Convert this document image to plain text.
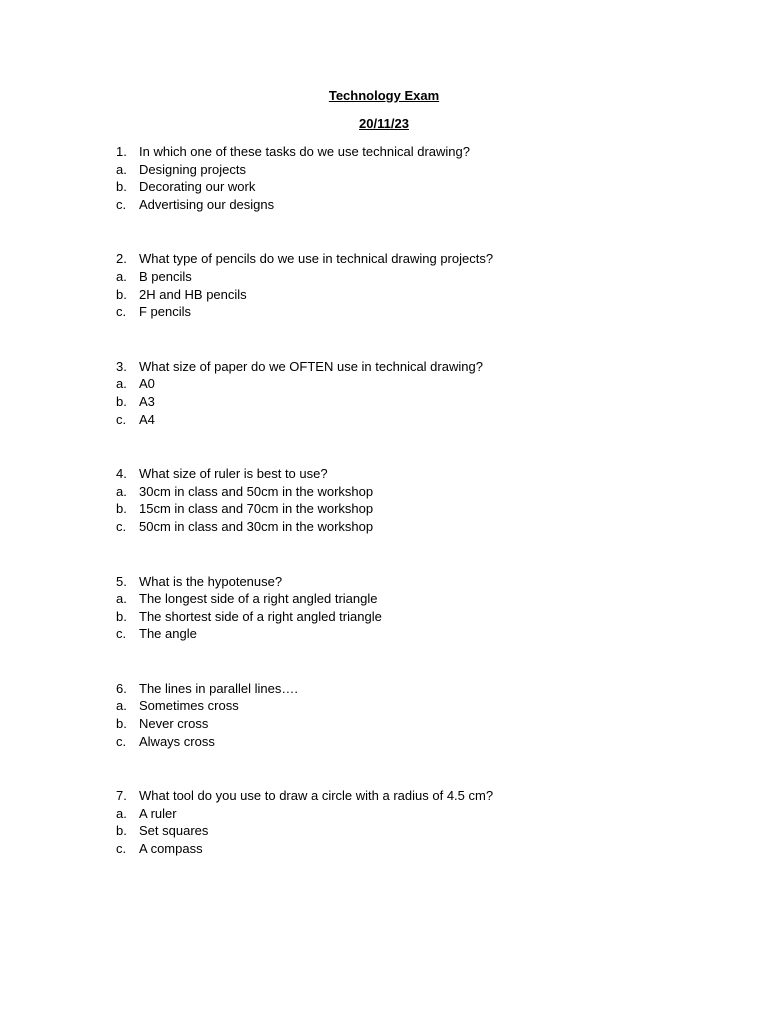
Technology Exam
20/11/23
1. In which one of these tasks do we use technical drawing?
a. Designing projects
b. Decorating our work
c. Advertising our designs
2. What type of pencils do we use in technical drawing projects?
a. B pencils
b. 2H and HB pencils
c. F pencils
3. What size of paper do we OFTEN use in technical drawing?
a. A0
b. A3
c. A4
4. What size of ruler is best to use?
a. 30cm in class and 50cm in the workshop
b. 15cm in class and 70cm in the workshop
c. 50cm in class and 30cm in the workshop
5. What is the hypotenuse?
a. The longest side of a right angled triangle
b. The shortest side of a right angled triangle
c. The angle
6. The lines in parallel lines….
a. Sometimes cross
b. Never cross
c. Always cross
7. What tool do you use to draw a circle with a radius of 4.5 cm?
a. A ruler
b. Set squares
c. A compass
